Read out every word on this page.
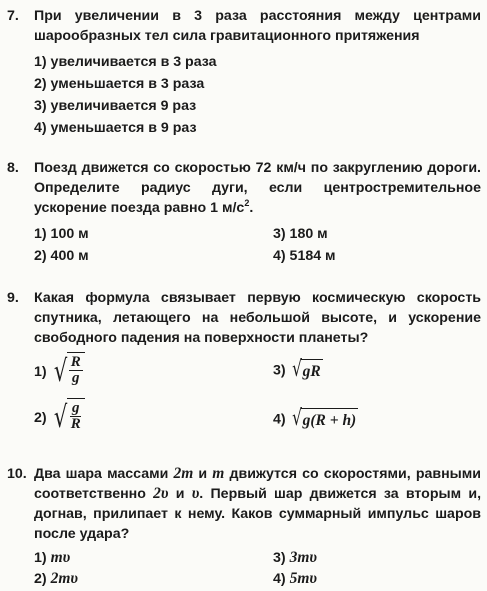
7.	При увеличении в 3 раза расстояния между центрами шарообразных тел сила гравитационного притяжения
1) увеличивается в 3 раза
2) уменьшается в 3 раза
3) увеличивается 9 раз
4) уменьшается в 9 раз
8.	Поезд движется со скоростью 72 км/ч по закруглению дороги. Определите радиус дуги, если центростремительное ускорение поезда равно 1 $м/с^2$.
1) 100 м	3) 180 м
2) 400 м	4) 5184 м
9.	Какая формула связывает первую космическую скорость спутника, летающего на небольшой высоте, и ускорение свободного падения на поверхности планеты?
1) √ $\frac{R}{g}$	3) √ gR
2) √ $\frac{g}{R}$	4) √ g(R + h)
10. Два шара массами 2m и m движутся со скоростями, равными соответственно 2υ и υ. Первый шар движется за вторым и, догнав, прилипает к нему. Каков суммарный импульс шаров после удара?
1) mυ	3) 3mυ
2) 2mυ	4) 5mυ
